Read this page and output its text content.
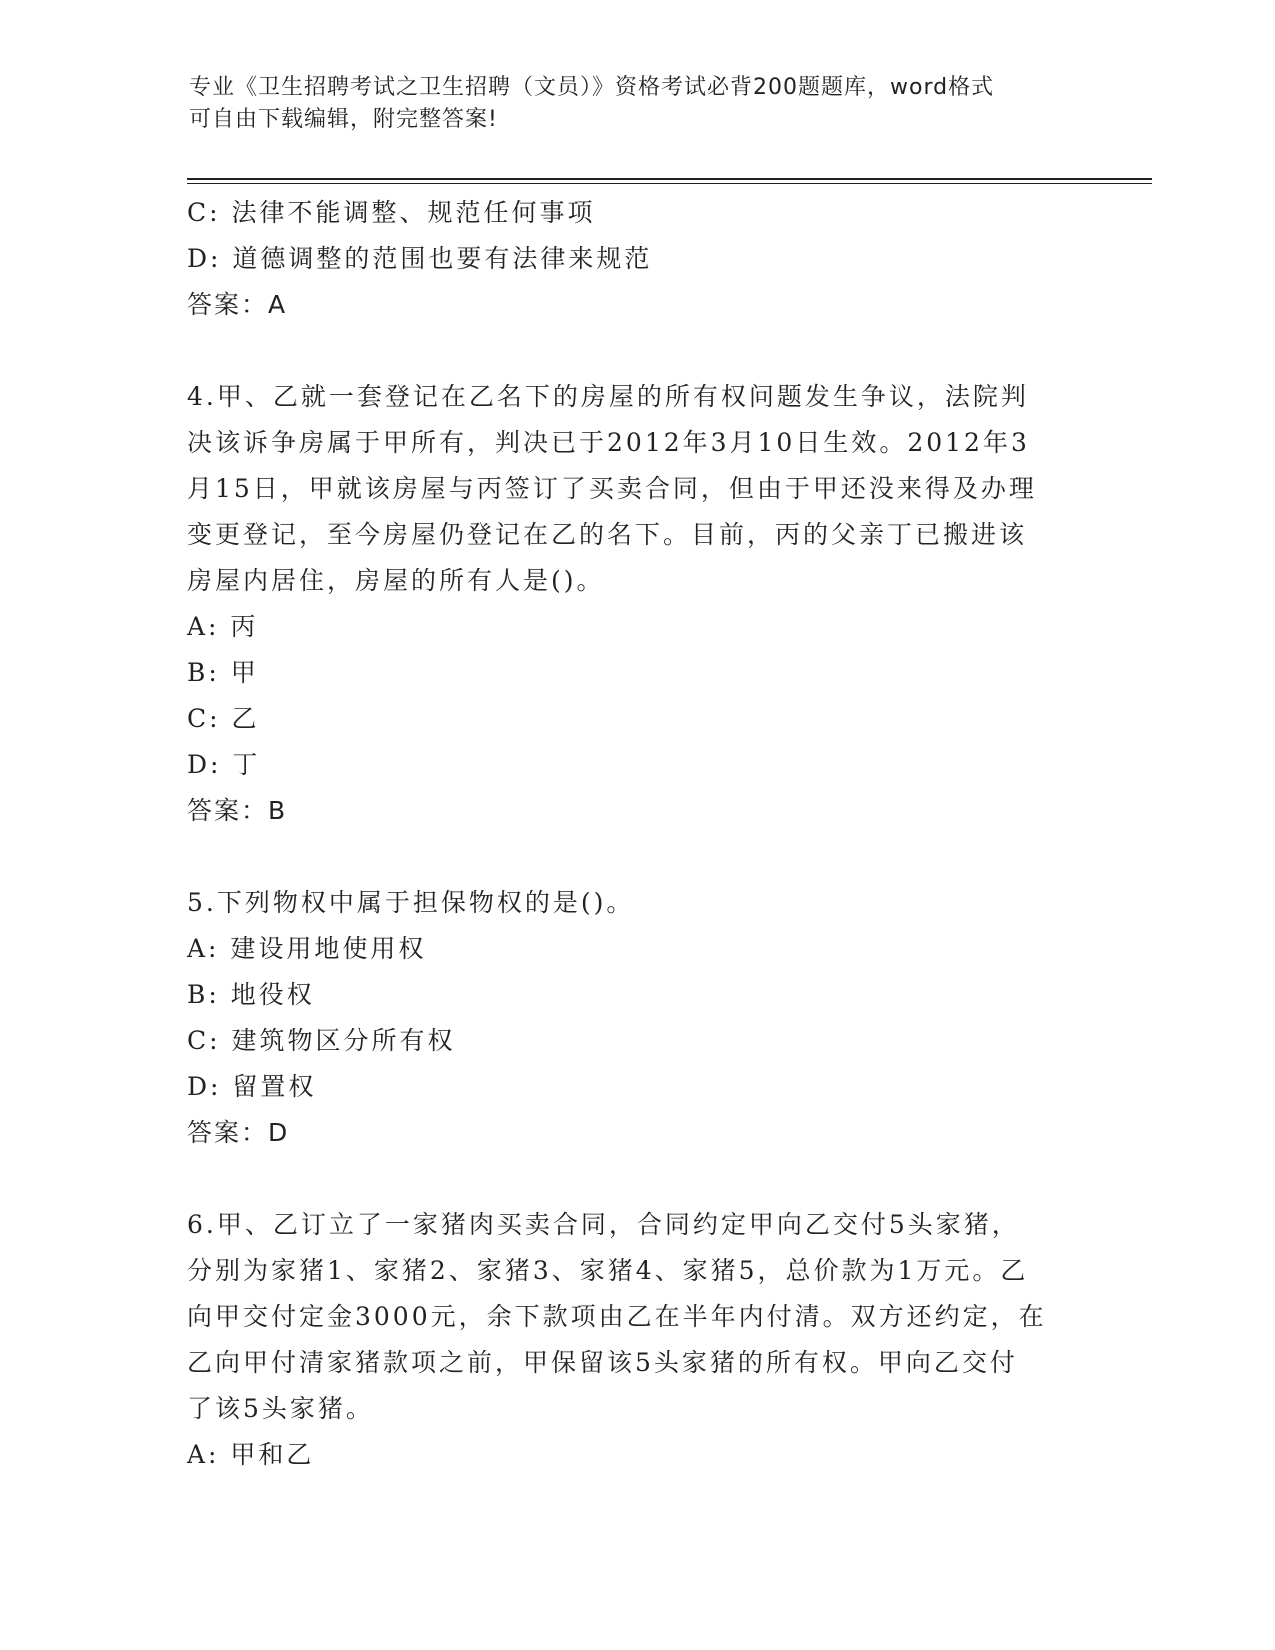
专业《卫生招聘考试之卫生招聘（文员）》资格考试必背200题题库，word格式
可自由下载编辑，附完整答案!
C: 法律不能调整、规范任何事项
D: 道德调整的范围也要有法律来规范
答案：A
4.甲、乙就一套登记在乙名下的房屋的所有权问题发生争议，法院判
决该诉争房属于甲所有，判决已于2012年3月10日生效。2012年3
月15日，甲就该房屋与丙签订了买卖合同，但由于甲还没来得及办理
变更登记，至今房屋仍登记在乙的名下。目前，丙的父亲丁已搬进该
房屋内居住，房屋的所有人是()。
A: 丙
B: 甲
C: 乙
D: 丁
答案：B
5.下列物权中属于担保物权的是()。
A: 建设用地使用权
B: 地役权
C: 建筑物区分所有权
D: 留置权
答案：D
6.甲、乙订立了一家猪肉买卖合同，合同约定甲向乙交付5头家猪，
分别为家猪1、家猪2、家猪3、家猪4、家猪5，总价款为1万元。乙
向甲交付定金3000元，余下款项由乙在半年内付清。双方还约定，在
乙向甲付清家猪款项之前，甲保留该5头家猪的所有权。甲向乙交付
了该5头家猪。
A: 甲和乙
